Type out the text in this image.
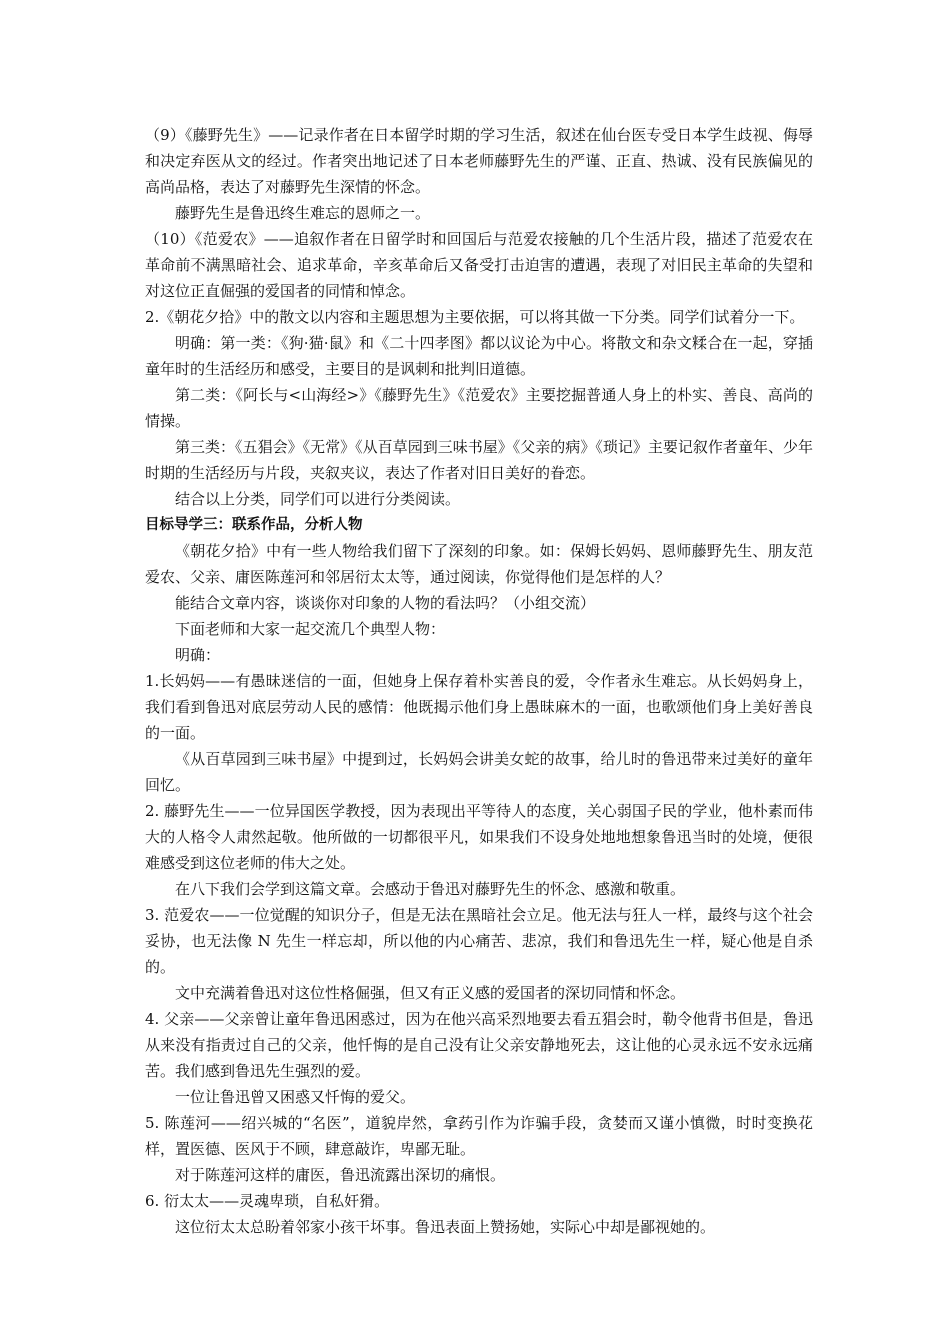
（9）《藤野先生》——记录作者在日本留学时期的学习生活，叙述在仙台医专受日本学生歧视、侮辱和决定弃医从文的经过。作者突出地记述了日本老师藤野先生的严谨、正直、热诚、没有民族偏见的高尚品格，表达了对藤野先生深情的怀念。

藤野先生是鲁迅终生难忘的恩师之一。

（10）《范爱农》——追叙作者在日留学时和回国后与范爱农接触的几个生活片段，描述了范爱农在革命前不满黑暗社会、追求革命，辛亥革命后又备受打击迫害的遭遇，表现了对旧民主革命的失望和对这位正直倔强的爱国者的同情和悼念。

2.《朝花夕拾》中的散文以内容和主题思想为主要依据，可以将其做一下分类。同学们试着分一下。

明确：第一类：《狗·猫·鼠》和《二十四孝图》都以议论为中心。将散文和杂文糅合在一起，穿插童年时的生活经历和感受，主要目的是讽刺和批判旧道德。

第二类：《阿长与<山海经>》《藤野先生》《范爱农》主要挖掘普通人身上的朴实、善良、高尚的情操。

第三类：《五猖会》《无常》《从百草园到三味书屋》《父亲的病》《琐记》主要记叙作者童年、少年时期的生活经历与片段，夹叙夹议，表达了作者对旧日美好的眷恋。

结合以上分类，同学们可以进行分类阅读。

目标导学三：联系作品，分析人物

《朝花夕拾》中有一些人物给我们留下了深刻的印象。如：保姆长妈妈、恩师藤野先生、朋友范爱农、父亲、庸医陈莲河和邻居衍太太等，通过阅读，你觉得他们是怎样的人？

能结合文章内容，谈谈你对印象的人物的看法吗？（小组交流）

下面老师和大家一起交流几个典型人物：

明确：

1.长妈妈——有愚昧迷信的一面，但她身上保存着朴实善良的爱，令作者永生难忘。从长妈妈身上，我们看到鲁迅对底层劳动人民的感情：他既揭示他们身上愚昧麻木的一面，也歌颂他们身上美好善良的一面。

《从百草园到三味书屋》中提到过，长妈妈会讲美女蛇的故事，给儿时的鲁迅带来过美好的童年回忆。

2. 藤野先生——一位异国医学教授，因为表现出平等待人的态度，关心弱国子民的学业，他朴素而伟大的人格令人肃然起敬。他所做的一切都很平凡，如果我们不设身处地地想象鲁迅当时的处境，便很难感受到这位老师的伟大之处。

在八下我们会学到这篇文章。会感动于鲁迅对藤野先生的怀念、感激和敬重。

3. 范爱农——一位觉醒的知识分子，但是无法在黑暗社会立足。他无法与狂人一样，最终与这个社会妥协，也无法像 N 先生一样忘却，所以他的内心痛苦、悲凉，我们和鲁迅先生一样，疑心他是自杀的。

文中充满着鲁迅对这位性格倔强，但又有正义感的爱国者的深切同情和怀念。

4. 父亲——父亲曾让童年鲁迅困惑过，因为在他兴高采烈地要去看五猖会时，勒令他背书但是，鲁迅从来没有指责过自己的父亲，他忏悔的是自己没有让父亲安静地死去，这让他的心灵永远不安永远痛苦。我们感到鲁迅先生强烈的爱。

一位让鲁迅曾又困惑又忏悔的爱父。

5. 陈莲河——绍兴城的“名医”，道貌岸然，拿药引作为诈骗手段，贪婪而又谨小慎微，时时变换花样，置医德、医风于不顾，肆意敲诈，卑鄙无耻。

对于陈莲河这样的庸医，鲁迅流露出深切的痛恨。

6. 衍太太——灵魂卑琐，自私奸猾。

这位衍太太总盼着邻家小孩干坏事。鲁迅表面上赞扬她，实际心中却是鄙视她的。
